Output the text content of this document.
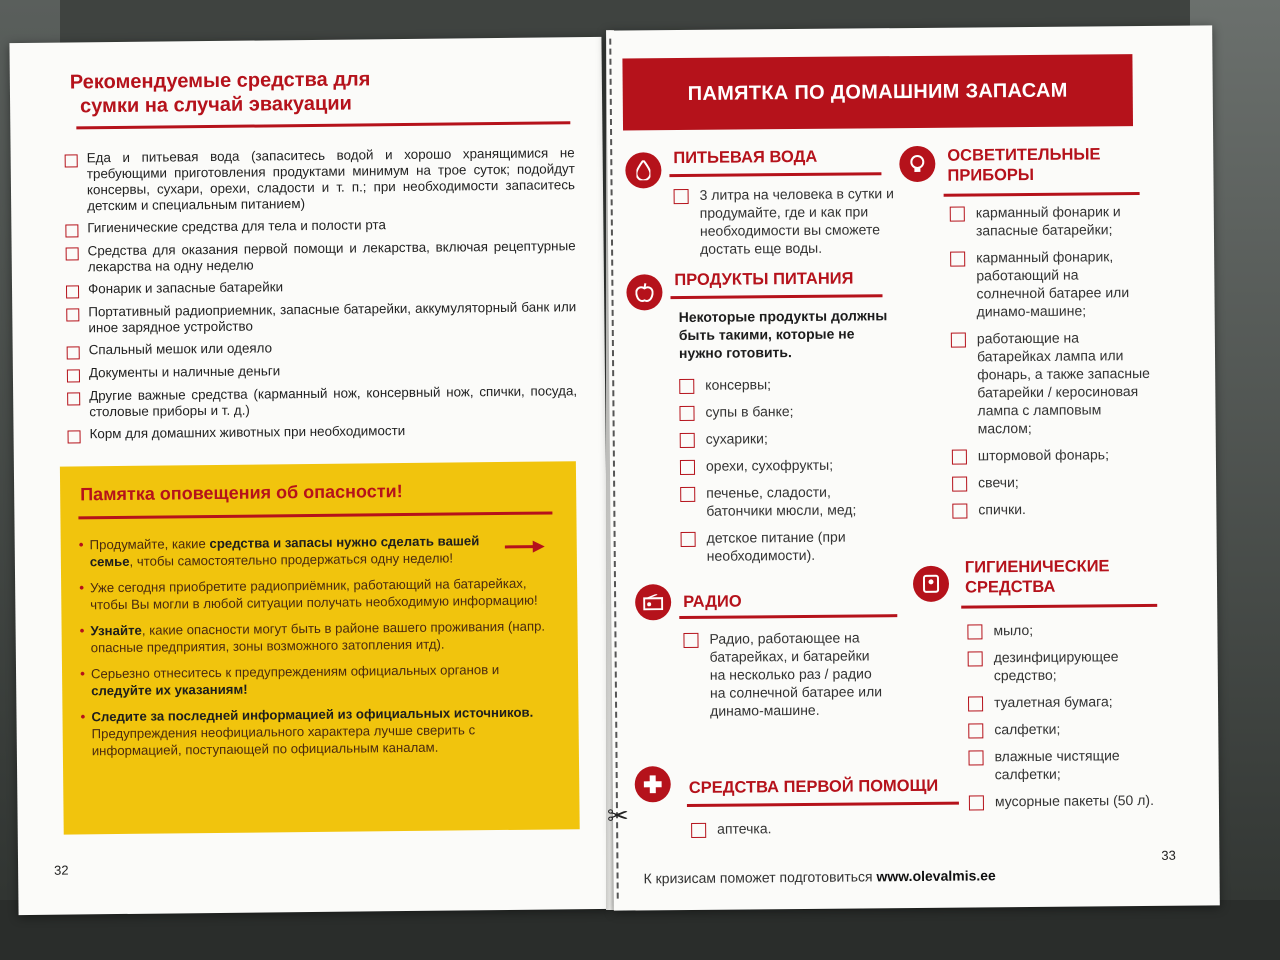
Рекомендуемые средства для
сумки на случай эвакуации
Еда и питьевая вода (запаситесь водой и хорошо хранящимися не требующими приготовления продуктами минимум на трое суток; подойдут консервы, сухари, орехи, сладости и т. п.; при необходимости запаситесь детским и специальным питанием)
Гигиенические средства для тела и полости рта
Средства для оказания первой помощи и лекарства, включая рецептурные лекарства на одну неделю
Фонарик и запасные батарейки
Портативный радиоприемник, запасные батарейки, аккумуляторный банк или иное зарядное устройство
Спальный мешок или одеяло
Документы и наличные деньги
Другие важные средства (карманный нож, консервный нож, спички, посуда, столовые приборы и т. д.)
Корм для домашних животных при необходимости
Памятка оповещения об опасности!
• Продумайте, какие средства и запасы нужно сделать вашей семье, чтобы самостоятельно продержаться одну неделю!
• Уже сегодня приобретите радиоприёмник, работающий на батарейках, чтобы Вы могли в любой ситуации получать необходимую информацию!
• Узнайте, какие опасности могут быть в районе вашего проживания (напр. опасные предприятия, зоны возможного затопления итд).
• Серьезно отнеситесь к предупреждениям официальных органов и следуйте их указаниям!
• Следите за последней информацией из официальных источников. Предупреждения неофициального характера лучше сверить с информацией, поступающей по официальным каналам.
32
✂
ПАМЯТКА ПО ДОМАШНИМ ЗАПАСАМ
ПИТЬЕВАЯ ВОДА
3 литра на человека в сутки и продумайте, где и как при необходимости вы сможете достать еще воды.
ПРОДУКТЫ ПИТАНИЯ
Некоторые продукты должны быть такими, которые не нужно готовить.
консервы;
супы в банке;
сухарики;
орехи, сухофрукты;
печенье, сладости, батончики мюсли, мед;
детское питание (при необходимости).
РАДИО
Радио, работающее на батарейках, и батарейки на несколько раз / радио на солнечной батарее или динамо-машине.
СРЕДСТВА ПЕРВОЙ ПОМОЩИ
аптечка.
ОСВЕТИТЕЛЬНЫЕ
ПРИБОРЫ
карманный фонарик и запасные батарейки;
карманный фонарик, работающий на солнечной батарее или динамо-машине;
работающие на батарейках лампа или фонарь, а также запасные батарейки / керосиновая лампа с ламповым маслом;
штормовой фонарь;
свечи;
спички.
ГИГИЕНИЧЕСКИЕ
СРЕДСТВА
мыло;
дезинфицирующее средство;
туалетная бумага;
салфетки;
влажные чистящие салфетки;
мусорные пакеты (50 л).
К кризисам поможет подготовиться www.olevalmis.ee
33
